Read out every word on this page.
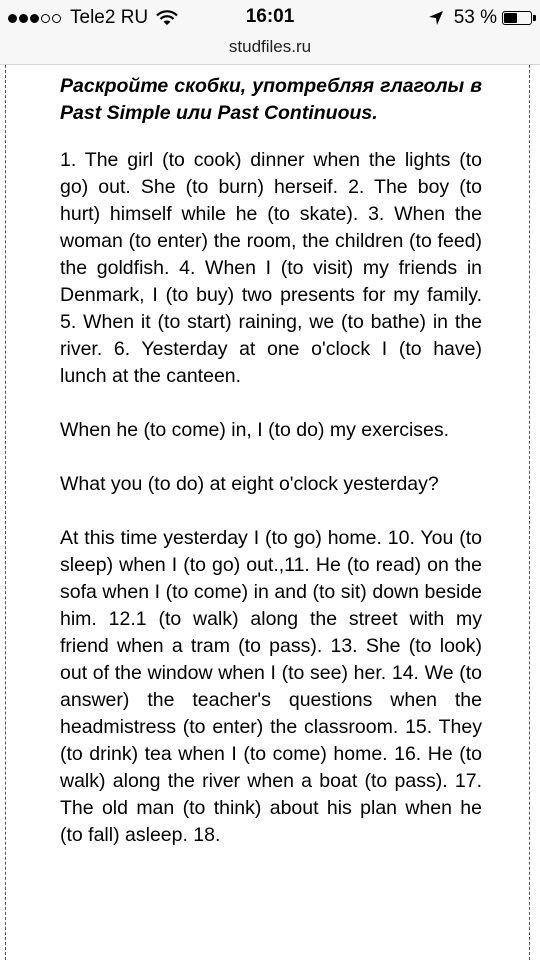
Tele2 RU	16:01	53 %
studfiles.ru

Раскройте скобки, употребляя глаголы в Past Simple или Past Continuous.

1. The girl (to cook) dinner when the lights (to go) out. She (to burn) herseif. 2. The boy (to hurt) himself while he (to skate). 3. When the woman (to enter) the room, the children (to feed) the goldfish. 4. When I (to visit) my friends in Denmark, I (to buy) two presents for my family. 5. When it (to start) raining, we (to bathe) in the river. 6. Yesterday at one o'clock I (to have) lunch at the canteen.

When he (to come) in, I (to do) my exercises.

What you (to do) at eight o'clock yesterday?

At this time yesterday I (to go) home. 10. You (to sleep) when I (to go) out.,11. He (to read) on the sofa when I (to come) in and (to sit) down beside him. 12.1 (to walk) along the street with my friend when a tram (to pass). 13. She (to look) out of the window when I (to see) her. 14. We (to answer) the teacher's questions when the headmistress (to enter) the classroom. 15. They (to drink) tea when I (to come) home. 16. He (to walk) along the river when a boat (to pass). 17. The old man (to think) about his plan when he (to fall) asleep. 18.
